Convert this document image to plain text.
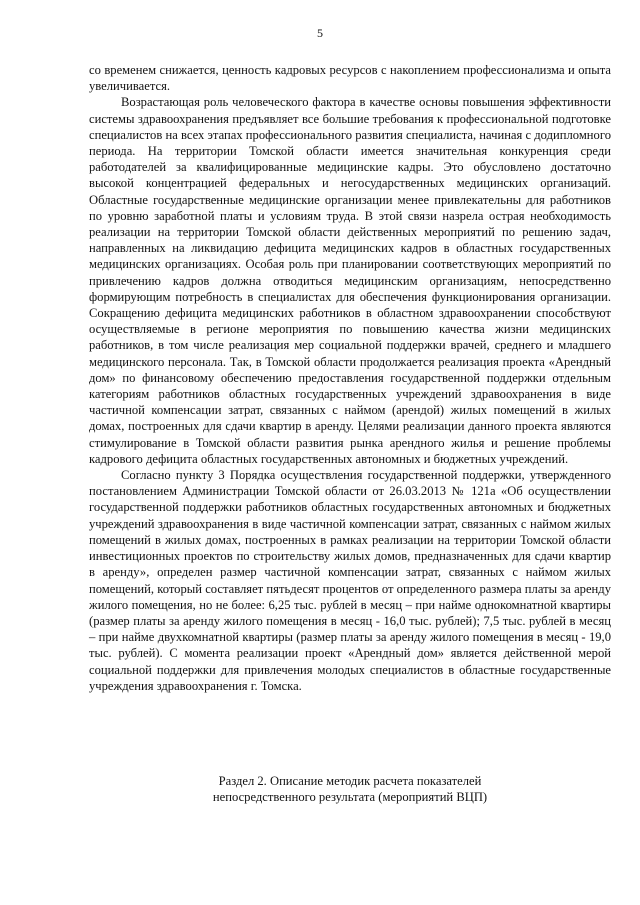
5

со временем снижается, ценность кадровых ресурсов с накоплением профессионализма и опыта увеличивается.

Возрастающая роль человеческого фактора в качестве основы повышения эффективности системы здравоохранения предъявляет все большие требования к профессиональной подготовке специалистов на всех этапах профессионального развития специалиста, начиная с додипломного периода. На территории Томской области имеется значительная конкуренция среди работодателей за квалифицированные медицинские кадры. Это обусловлено достаточно высокой концентрацией федеральных и негосударственных медицинских организаций. Областные государственные медицинские организации менее привлекательны для работников по уровню заработной платы и условиям труда. В этой связи назрела острая необходимость реализации на территории Томской области действенных мероприятий по решению задач, направленных на ликвидацию дефицита медицинских кадров в областных государственных медицинских организациях. Особая роль при планировании соответствующих мероприятий по привлечению кадров должна отводиться медицинским организациям, непосредственно формирующим потребность в специалистах для обеспечения функционирования организации. Сокращению дефицита медицинских работников в областном здравоохранении способствуют осуществляемые в регионе мероприятия по повышению качества жизни медицинских работников, в том числе реализация мер социальной поддержки врачей, среднего и младшего медицинского персонала. Так, в Томской области продолжается реализация проекта «Арендный дом» по финансовому обеспечению предоставления государственной поддержки отдельным категориям работников областных государственных учреждений здравоохранения в виде частичной компенсации затрат, связанных с наймом (арендой) жилых помещений в жилых домах, построенных для сдачи квартир в аренду. Целями реализации данного проекта являются стимулирование в Томской области развития рынка арендного жилья и решение проблемы кадрового дефицита областных государственных автономных и бюджетных учреждений.

Согласно пункту 3 Порядка осуществления государственной поддержки, утвержденного постановлением Администрации Томской области от 26.03.2013 № 121а «Об осуществлении государственной поддержки работников областных государственных автономных и бюджетных учреждений здравоохранения в виде частичной компенсации затрат, связанных с наймом жилых помещений в жилых домах, построенных в рамках реализации на территории Томской области инвестиционных проектов по строительству жилых домов, предназначенных для сдачи квартир в аренду», определен размер частичной компенсации затрат, связанных с наймом жилых помещений, который составляет пятьдесят процентов от определенного размера платы за аренду жилого помещения, но не более: 6,25 тыс. рублей в месяц – при найме однокомнатной квартиры (размер платы за аренду жилого помещения в месяц - 16,0 тыс. рублей); 7,5 тыс. рублей в месяц – при найме двухкомнатной квартиры (размер платы за аренду жилого помещения в месяц - 19,0 тыс. рублей). С момента реализации проект «Арендный дом» является действенной мерой социальной поддержки для привлечения молодых специалистов в областные государственные учреждения здравоохранения г. Томска.

Раздел 2. Описание методик расчета показателей
непосредственного результата (мероприятий ВЦП)
